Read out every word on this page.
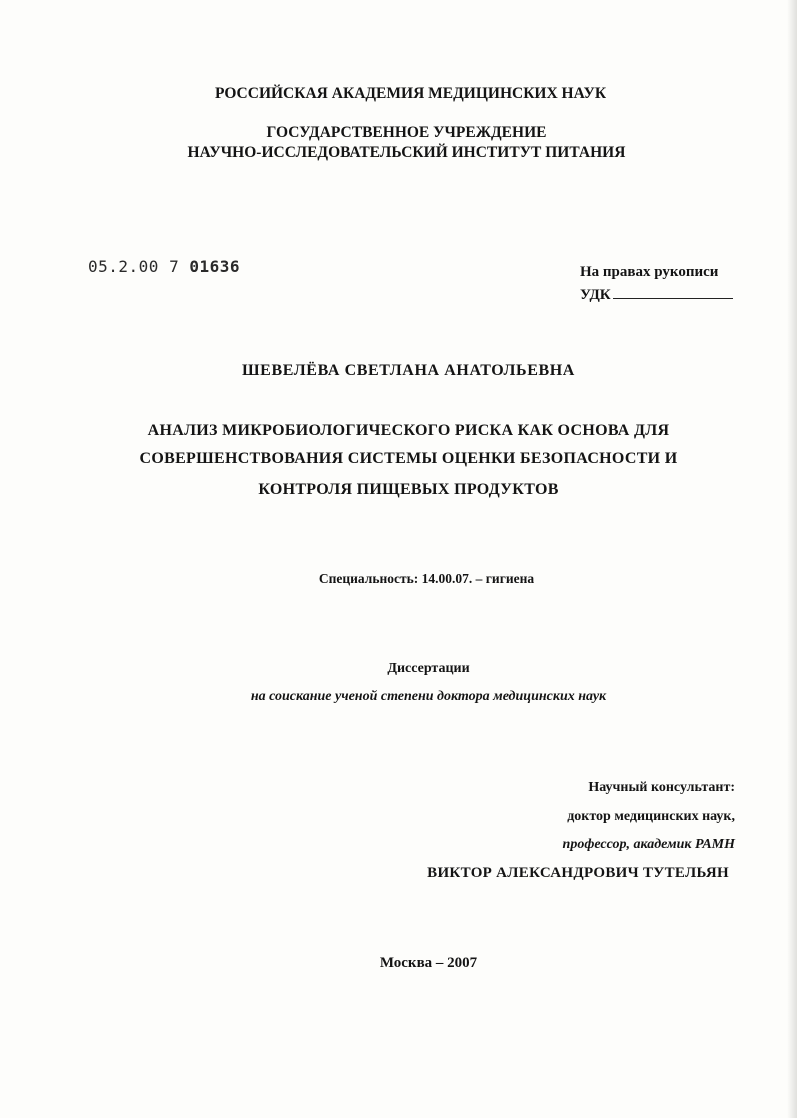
РОССИЙСКАЯ АКАДЕМИЯ МЕДИЦИНСКИХ НАУК
ГОСУДАРСТВЕННОЕ УЧРЕЖДЕНИЕ
НАУЧНО-ИССЛЕДОВАТЕЛЬСКИЙ ИНСТИТУТ ПИТАНИЯ
05.2.00 7 01636	На правах рукописи
УДК
ШЕВЕЛЁВА СВЕТЛАНА АНАТОЛЬЕВНА
АНАЛИЗ МИКРОБИОЛОГИЧЕСКОГО РИСКА КАК ОСНОВА ДЛЯ
СОВЕРШЕНСТВОВАНИЯ СИСТЕМЫ ОЦЕНКИ БЕЗОПАСНОСТИ И
КОНТРОЛЯ ПИЩЕВЫХ ПРОДУКТОВ
Специальность: 14.00.07. – гигиена
Диссертации
на соискание ученой степени доктора медицинских наук
Научный консультант:
доктор медицинских наук,
профессор, академик РАМН
ВИКТОР АЛЕКСАНДРОВИЧ ТУТЕЛЬЯН
Москва – 2007
